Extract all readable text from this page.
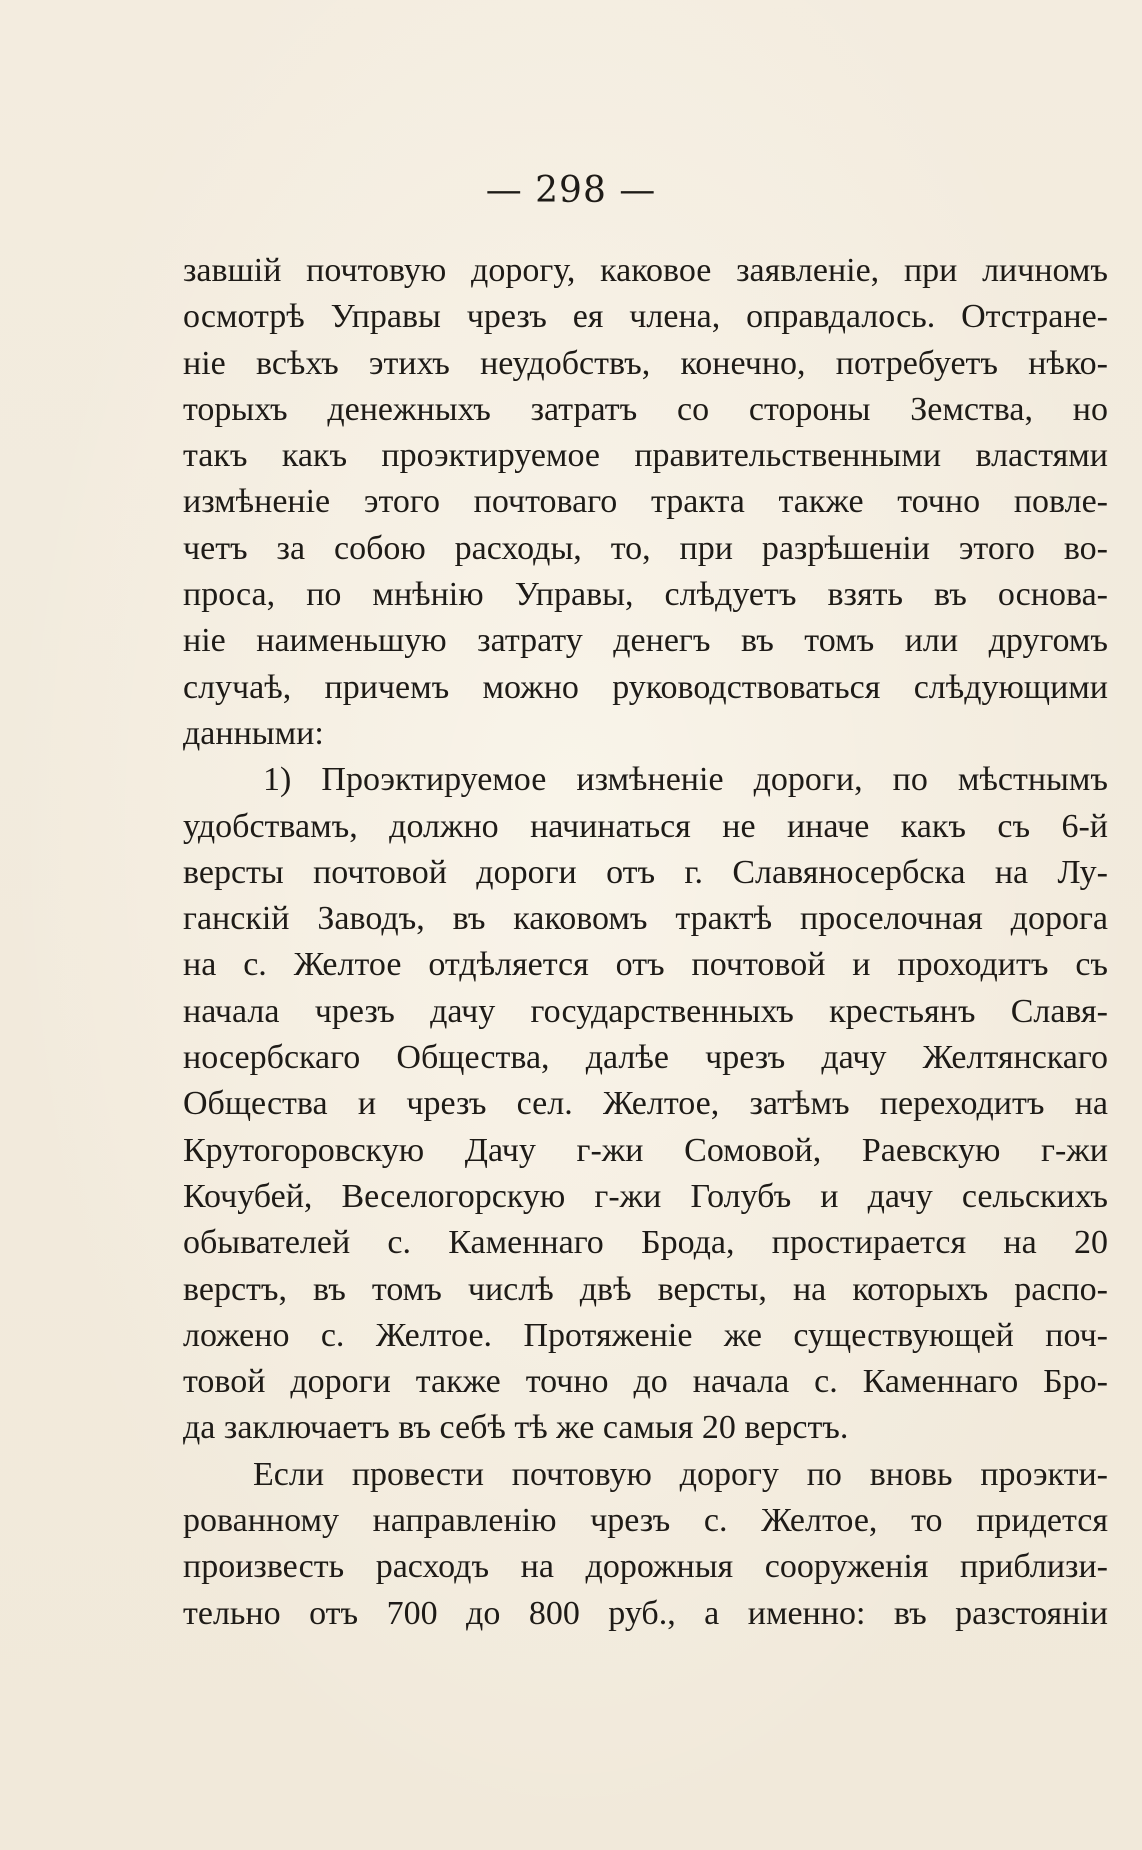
— 298 —
завшій почтовую дорогу, каковое заявленіе, при личномъ
осмотрѣ Управы чрезъ ея члена, оправдалось. Отстране-
ніе всѣхъ этихъ неудобствъ, конечно, потребуетъ нѣко-
торыхъ денежныхъ затратъ со стороны Земства, но
такъ какъ проэктируемое правительственными властями
измѣненіе этого почтоваго тракта также точно повле-
четъ за собою расходы, то, при разрѣшеніи этого во-
проса, по мнѣнію Управы, слѣдуетъ взять въ основа-
ніе наименьшую затрату денегъ въ томъ или другомъ
случаѣ, причемъ можно руководствоваться слѣдующими
данными:
1) Проэктируемое измѣненіе дороги, по мѣстнымъ
удобствамъ, должно начинаться не иначе какъ съ 6-й
версты почтовой дороги отъ г. Славяносербска на Лу-
ганскій Заводъ, въ каковомъ трактѣ проселочная дорога
на с. Желтое отдѣляется отъ почтовой и проходитъ съ
начала чрезъ дачу государственныхъ крестьянъ Славя-
носербскаго Общества, далѣе чрезъ дачу Желтянскаго
Общества и чрезъ сел. Желтое, затѣмъ переходитъ на
Крутогоровскую Дачу г-жи Сомовой, Раевскую г-жи
Кочубей, Веселогорскую г-жи Голубъ и дачу сельскихъ
обывателей с. Каменнаго Брода, простирается на 20
верстъ, въ томъ числѣ двѣ версты, на которыхъ распо-
ложено с. Желтое. Протяженіе же существующей поч-
товой дороги также точно до начала с. Каменнаго Бро-
да заключаетъ въ себѣ тѣ же самыя 20 верстъ.
Если провести почтовую дорогу по вновь проэкти-
рованному направленію чрезъ с. Желтое, то придется
произвесть расходъ на дорожныя сооруженія приблизи-
тельно отъ 700 до 800 руб., а именно: въ разстояніи
